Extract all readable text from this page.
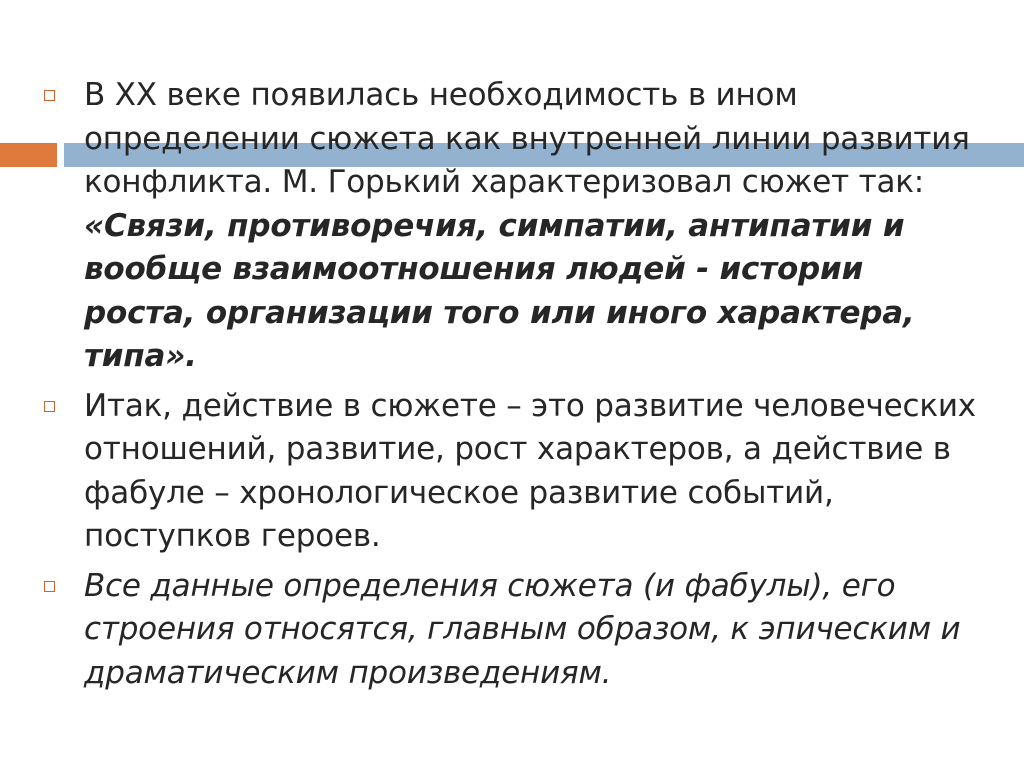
В XX веке появилась необходимость в ином определении сюжета как внутренней линии развития конфликта. М. Горький характеризовал сюжет так: «Связи, противоречия, симпатии, антипатии и вообще взаимоотношения людей - истории роста, организации того или иного характера, типа».
Итак, действие в сюжете – это развитие человеческих отношений, развитие, рост характеров, а действие в фабуле – хронологическое развитие событий, поступков героев.
Все данные определения сюжета (и фабулы), его строения относятся, главным образом, к эпическим и драматическим произведениям.
